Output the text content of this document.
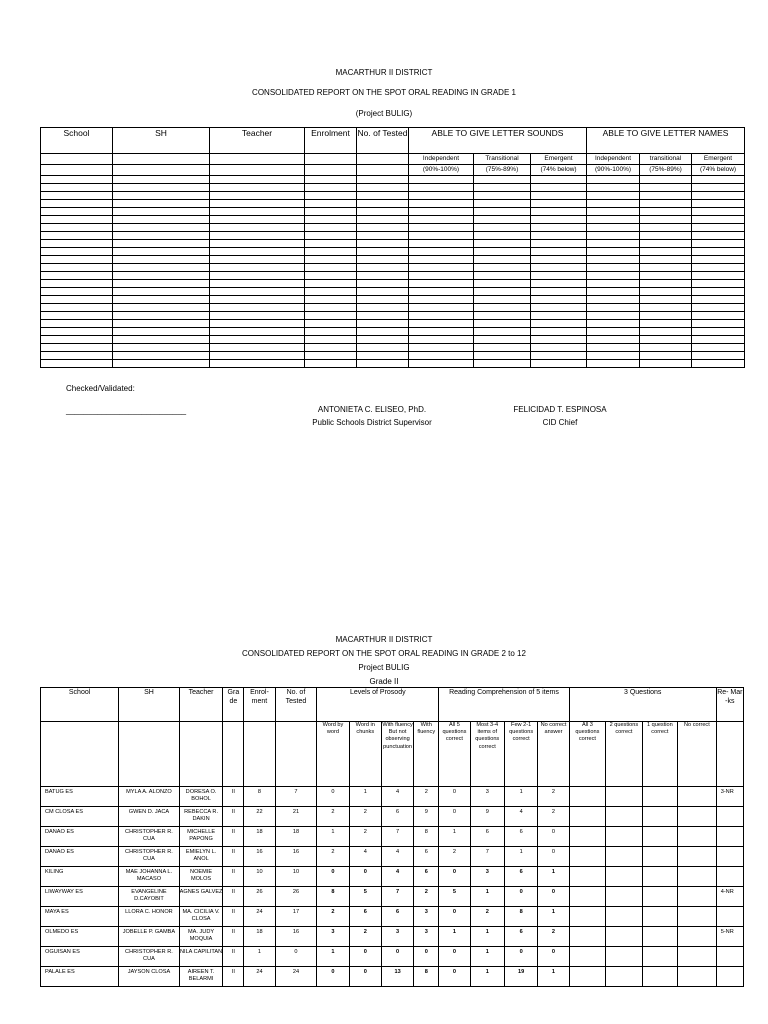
MACARTHUR II DISTRICT
CONSOLIDATED REPORT ON THE SPOT ORAL READING IN GRADE 1
(Project BULIG)
School	SH	Teacher	Enrolment	No. of Tested	ABLE TO GIVE LETTER SOUNDS			ABLE TO GIVE LETTER NAMES		
					Independent	Transitional	Emergent	Independent	transitional	Emergent
					(90%-100%)	(75%-89%)	(74% below)	(90%-100%)	(75%-89%)	(74% below)

Checked/Validated:
___________________________	ANTONIETA C. ELISEO, PhD.
Public Schools District Supervisor
FELICIDAD T. ESPINOSA
CID Chief
MACARTHUR II DISTRICT
CONSOLIDATED REPORT ON THE SPOT ORAL READING IN GRADE 2 to 12
Project BULIG
Grade II
School	SH	Teacher	Gra de	Enrol- ment	No. of Tested	Levels of Prosody				Reading Comprehension of 5 items				3 Questions				Re- Mar -ks
						Word by word	Word in chunks	With fluency But not observing punctuation	With fluency	All 5 questions correct	Most 3-4 items of questions correct	Few 2-1 questions correct	No correct answer	All 3 questions correct	2 questions correct	1 question correct	No correct	
BATUG ES	MYLA A. ALONZO	DORESA O. BOHOL	II	8	7	0	1	4	2	0	3	1	2					3-NR
CM CLOSA ES	GWEN D. JACA	REBECCA R. DAKIN	II	22	21	2	2	6	9	0	9	4	2					
DANAO ES	CHRISTOPHER R. CUA	MICHELLE PAPONG	II	18	18	1	2	7	8	1	6	6	0					
DANAO ES	CHRISTOPHER R. CUA	EMIELYN L. ANOL	II	16	16	2	4	4	6	2	7	1	0					
KILING	MAE JOHANNA L. MACASO	NOEMIE MOLOS	II	10	10	0	0	4	6	0	3	6	1					
LIWAYWAY ES	EVANGELINE D.CAYOBIT	AGNES GALVEZ	II	26	26	8	5	7	2	5	1	0	0					4-NR
MAYA ES	LLORA C. HONOR	MA. CICILIA V. CLOSA	II	24	17	2	6	6	3	0	2	8	1					
OLMEDO ES	JOBELLE P. GAMBA	MA. JUDY MOQUIA	II	18	16	3	2	3	3	1	1	6	2					5-NR
OGUISAN ES	CHRISTOPHER R. CUA	NILA CAPILITAN	II	1	0	1	0	0	0	0	1	0	0					
PALALE ES	JAYSON CLOSA	AIREEN T. BELARMI	II	24	24	0	0	13	8	0	1	19	1					
